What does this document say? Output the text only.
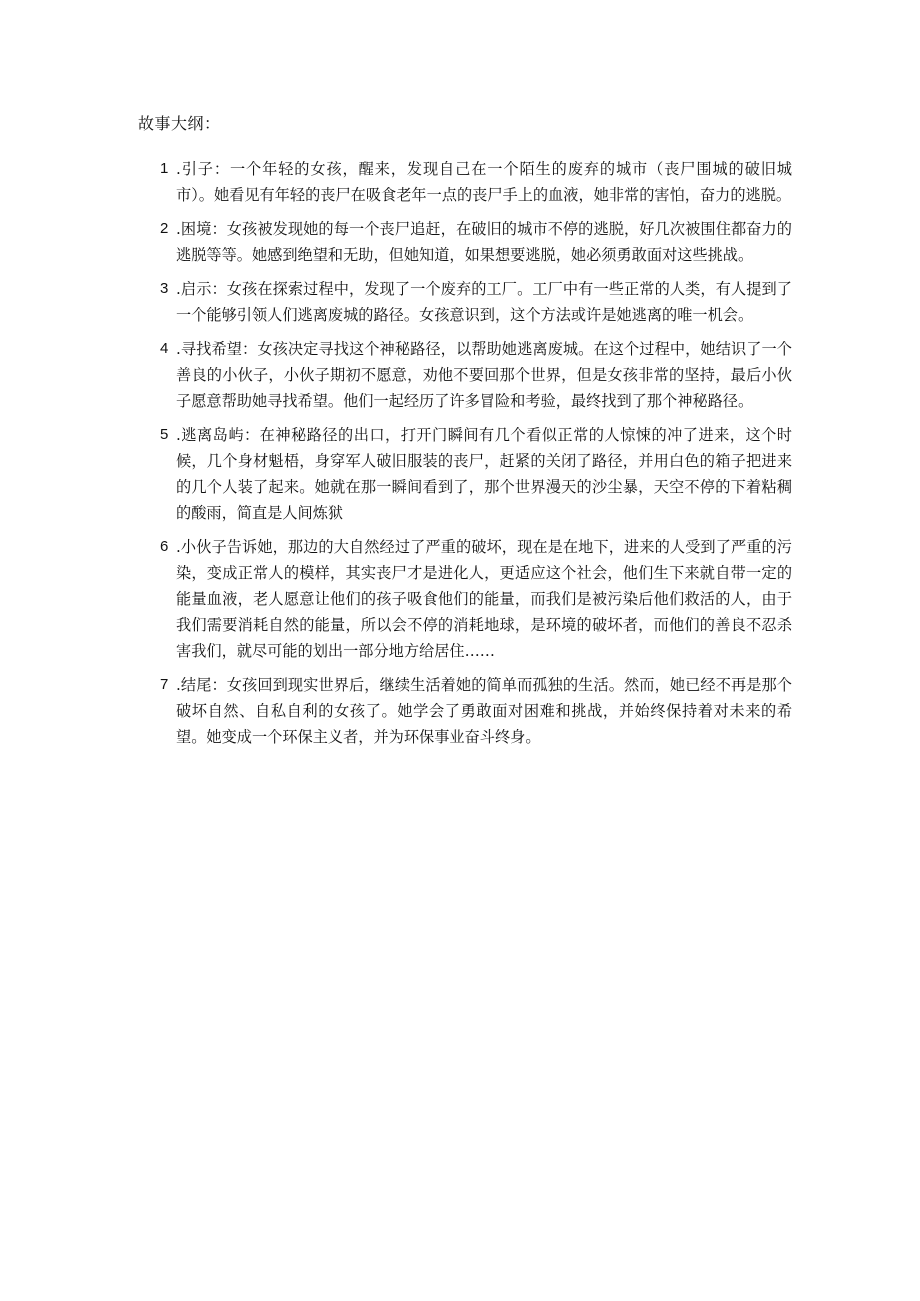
故事大纲：
1 .引子：一个年轻的女孩，醒来，发现自己在一个陌生的废弃的城市（丧尸围城的破旧城市）。她看见有年轻的丧尸在吸食老年一点的丧尸手上的血液，她非常的害怕，奋力的逃脱。
2 .困境：女孩被发现她的每一个丧尸追赶，在破旧的城市不停的逃脱，好几次被围住都奋力的逃脱等等。她感到绝望和无助，但她知道，如果想要逃脱，她必须勇敢面对这些挑战。
3 .启示：女孩在探索过程中，发现了一个废弃的工厂。工厂中有一些正常的人类，有人提到了一个能够引领人们逃离废城的路径。女孩意识到，这个方法或许是她逃离的唯一机会。
4 .寻找希望：女孩决定寻找这个神秘路径，以帮助她逃离废城。在这个过程中，她结识了一个善良的小伙子，小伙子期初不愿意，劝他不要回那个世界，但是女孩非常的坚持，最后小伙子愿意帮助她寻找希望。他们一起经历了许多冒险和考验，最终找到了那个神秘路径。
5 .逃离岛屿：在神秘路径的出口，打开门瞬间有几个看似正常的人惊悚的冲了进来，这个时候，几个身材魁梧，身穿军人破旧服装的丧尸，赶紧的关闭了路径，并用白色的箱子把进来的几个人装了起来。她就在那一瞬间看到了，那个世界漫天的沙尘暴，天空不停的下着粘稠的酸雨，简直是人间炼狱
6 .小伙子告诉她，那边的大自然经过了严重的破坏，现在是在地下，进来的人受到了严重的污染，变成正常人的模样，其实丧尸才是进化人，更适应这个社会，他们生下来就自带一定的能量血液，老人愿意让他们的孩子吸食他们的能量，而我们是被污染后他们救活的人，由于我们需要消耗自然的能量，所以会不停的消耗地球，是环境的破坏者，而他们的善良不忍杀害我们，就尽可能的划出一部分地方给居住……
7 .结尾：女孩回到现实世界后，继续生活着她的简单而孤独的生活。然而，她已经不再是那个破坏自然、自私自利的女孩了。她学会了勇敢面对困难和挑战，并始终保持着对未来的希望。她变成一个环保主义者，并为环保事业奋斗终身。
